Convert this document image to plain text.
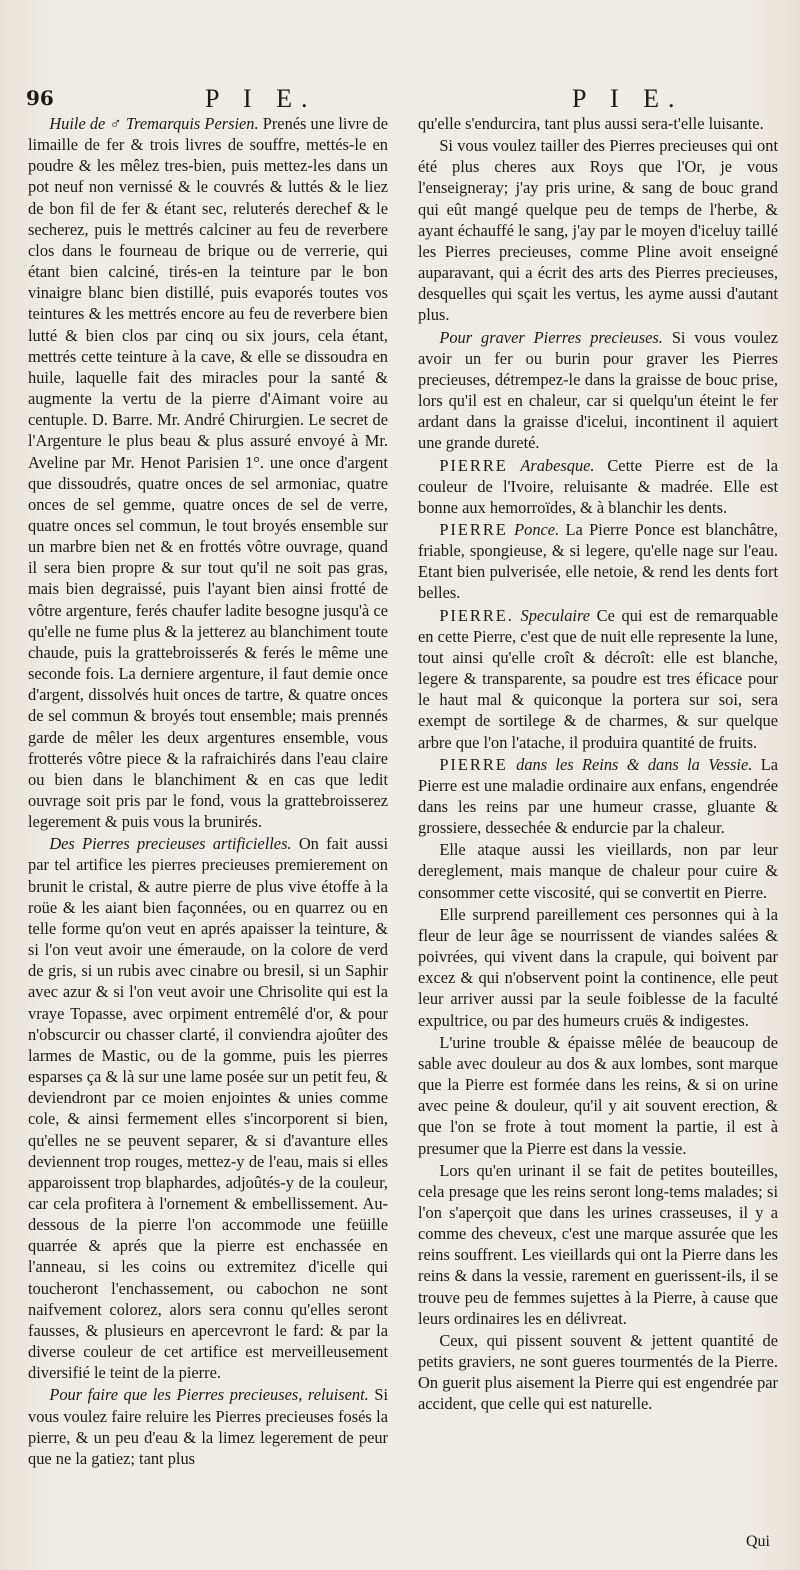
96	P I E.	P I E.

Huile de ♂ Tremarquis Persien. Prenés une livre de limaille de fer & trois livres de souffre, mettés-le en poudre & les mêlez tres-bien, puis mettez-les dans un pot neuf non vernissé & le couvrés & luttés & le liez de bon fil de fer & étant sec, reluterés derechef & le secherez, puis le mettrés calciner au feu de reverbere clos dans le fourneau de brique ou de verrerie, qui étant bien calciné, tirés-en la teinture par le bon vinaigre blanc bien distillé, puis evaporés toutes vos teintures & les mettrés encore au feu de reverbere bien lutté & bien clos par cinq ou six jours, cela étant, mettrés cette teinture à la cave, & elle se dissoudra en huile, laquelle fait des miracles pour la santé & augmente la vertu de la pierre d'Aimant voire au centuple. D. Barre. Mr. André Chirurgien. Le secret de l'Argenture le plus beau & plus assuré envoyé à Mr. Aveline par Mr. Henot Parisien 1°. une once d'argent que dissoudrés, quatre onces de sel armoniac, quatre onces de sel gemme, quatre onces de sel de verre, quatre onces sel commun, le tout broyés ensemble sur un marbre bien net & en frottés vôtre ouvrage, quand il sera bien propre & sur tout qu'il ne soit pas gras, mais bien degraissé, puis l'ayant bien ainsi frotté de vôtre argenture, ferés chaufer ladite besogne jusqu'à ce qu'elle ne fume plus & la jetterez au blanchiment toute chaude, puis la grattebroisserés & ferés le même une seconde fois. La derniere argenture, il faut demie once d'argent, dissolvés huit onces de tartre, & quatre onces de sel commun & broyés tout ensemble; mais prennés garde de mêler les deux argentures ensemble, vous frotterés vôtre piece & la rafraichirés dans l'eau claire ou bien dans le blanchiment & en cas que ledit ouvrage soit pris par le fond, vous la grattebroisserez legerement & puis vous la brunirés.

Des Pierres precieuses artificielles. On fait aussi par tel artifice les pierres precieuses premierement on brunit le cristal, & autre pierre de plus vive étoffe à la roüe & les aiant bien façonnées, ou en quarrez ou en telle forme qu'on veut en aprés apaisser la teinture, & si l'on veut avoir une émeraude, on la colore de verd de gris, si un rubis avec cinabre ou bresil, si un Saphir avec azur & si l'on veut avoir une Chrisolite qui est la vraye Topasse, avec orpiment entremêlé d'or, & pour n'obscurcir ou chasser clarté, il conviendra ajoûter des larmes de Mastic, ou de la gomme, puis les pierres esparses ça & là sur une lame posée sur un petit feu, & deviendront par ce moien enjointes & unies comme cole, & ainsi fermement elles s'incorporent si bien, qu'elles ne se peuvent separer, & si d'avanture elles deviennent trop rouges, mettez-y de l'eau, mais si elles apparoissent trop blaphardes, adjoûtés-y de la couleur, car cela profitera à l'ornement & embellissement. Au-dessous de la pierre l'on accommode une feüille quarrée & aprés que la pierre est enchassée en l'anneau, si les coins ou extremitez d'icelle qui toucheront l'enchassement, ou cabochon ne sont naifvement colorez, alors sera connu qu'elles seront fausses, & plusieurs en apercevront le fard: & par la diverse couleur de cet artifice est merveilleusement diversifié le teint de la pierre.

Pour faire que les Pierres precieuses, reluisent. Si vous voulez faire reluire les Pierres precieuses fosés la pierre, & un peu d'eau & la limez legerement de peur que ne la gatiez; tant plus

qu'elle s'endurcira, tant plus aussi sera-t'elle luisante.

Si vous voulez tailler des Pierres precieuses qui ont été plus cheres aux Roys que l'Or, je vous l'enseigneray; j'ay pris urine, & sang de bouc grand qui eût mangé quelque peu de temps de l'herbe, & ayant échauffé le sang, j'ay par le moyen d'iceluy taillé les Pierres precieuses, comme Pline avoit enseigné auparavant, qui a écrit des arts des Pierres precieuses, desquelles qui sçait les vertus, les ayme aussi d'autant plus.

Pour graver Pierres precieuses. Si vous voulez avoir un fer ou burin pour graver les Pierres precieuses, détrempez-le dans la graisse de bouc prise, lors qu'il est en chaleur, car si quelqu'un éteint le fer ardant dans la graisse d'icelui, incontinent il aquiert une grande dureté.

PIERRE Arabesque. Cette Pierre est de la couleur de l'Ivoire, reluisante & madrée. Elle est bonne aux hemorroïdes, & à blanchir les dents.

PIERRE Ponce. La Pierre Ponce est blanchâtre, friable, spongieuse, & si legere, qu'elle nage sur l'eau. Etant bien pulverisée, elle netoie, & rend les dents fort belles.

PIERRE. Speculaire Ce qui est de remarquable en cette Pierre, c'est que de nuit elle represente la lune, tout ainsi qu'elle croît & décroît: elle est blanche, legere & transparente, sa poudre est tres éficace pour le haut mal & quiconque la portera sur soi, sera exempt de sortilege & de charmes, & sur quelque arbre que l'on l'atache, il produira quantité de fruits.

PIERRE dans les Reins & dans la Vessie. La Pierre est une maladie ordinaire aux enfans, engendrée dans les reins par une humeur crasse, gluante & grossiere, dessechée & endurcie par la chaleur.

Elle ataque aussi les vieillards, non par leur dereglement, mais manque de chaleur pour cuire & consommer cette viscosité, qui se convertit en Pierre.

Elle surprend pareillement ces personnes qui à la fleur de leur âge se nourrissent de viandes salées & poivrées, qui vivent dans la crapule, qui boivent par excez & qui n'observent point la continence, elle peut leur arriver aussi par la seule foiblesse de la faculté expultrice, ou par des humeurs cruës & indigestes.

L'urine trouble & épaisse mêlée de beaucoup de sable avec douleur au dos & aux lombes, sont marque que la Pierre est formée dans les reins, & si on urine avec peine & douleur, qu'il y ait souvent erection, & que l'on se frote à tout moment la partie, il est à presumer que la Pierre est dans la vessie.

Lors qu'en urinant il se fait de petites bouteilles, cela presage que les reins seront long-tems malades; si l'on s'aperçoit que dans les urines crasseuses, il y a comme des cheveux, c'est une marque assurée que les reins souffrent. Les vieillards qui ont la Pierre dans les reins & dans la vessie, rarement en guerissent-ils, il se trouve peu de femmes sujettes à la Pierre, à cause que leurs ordinaires les en délivreat.

Ceux, qui pissent souvent & jettent quantité de petits graviers, ne sont gueres tourmentés de la Pierre. On guerit plus aisement la Pierre qui est engendrée par accident, que celle qui est naturelle.

Qui
